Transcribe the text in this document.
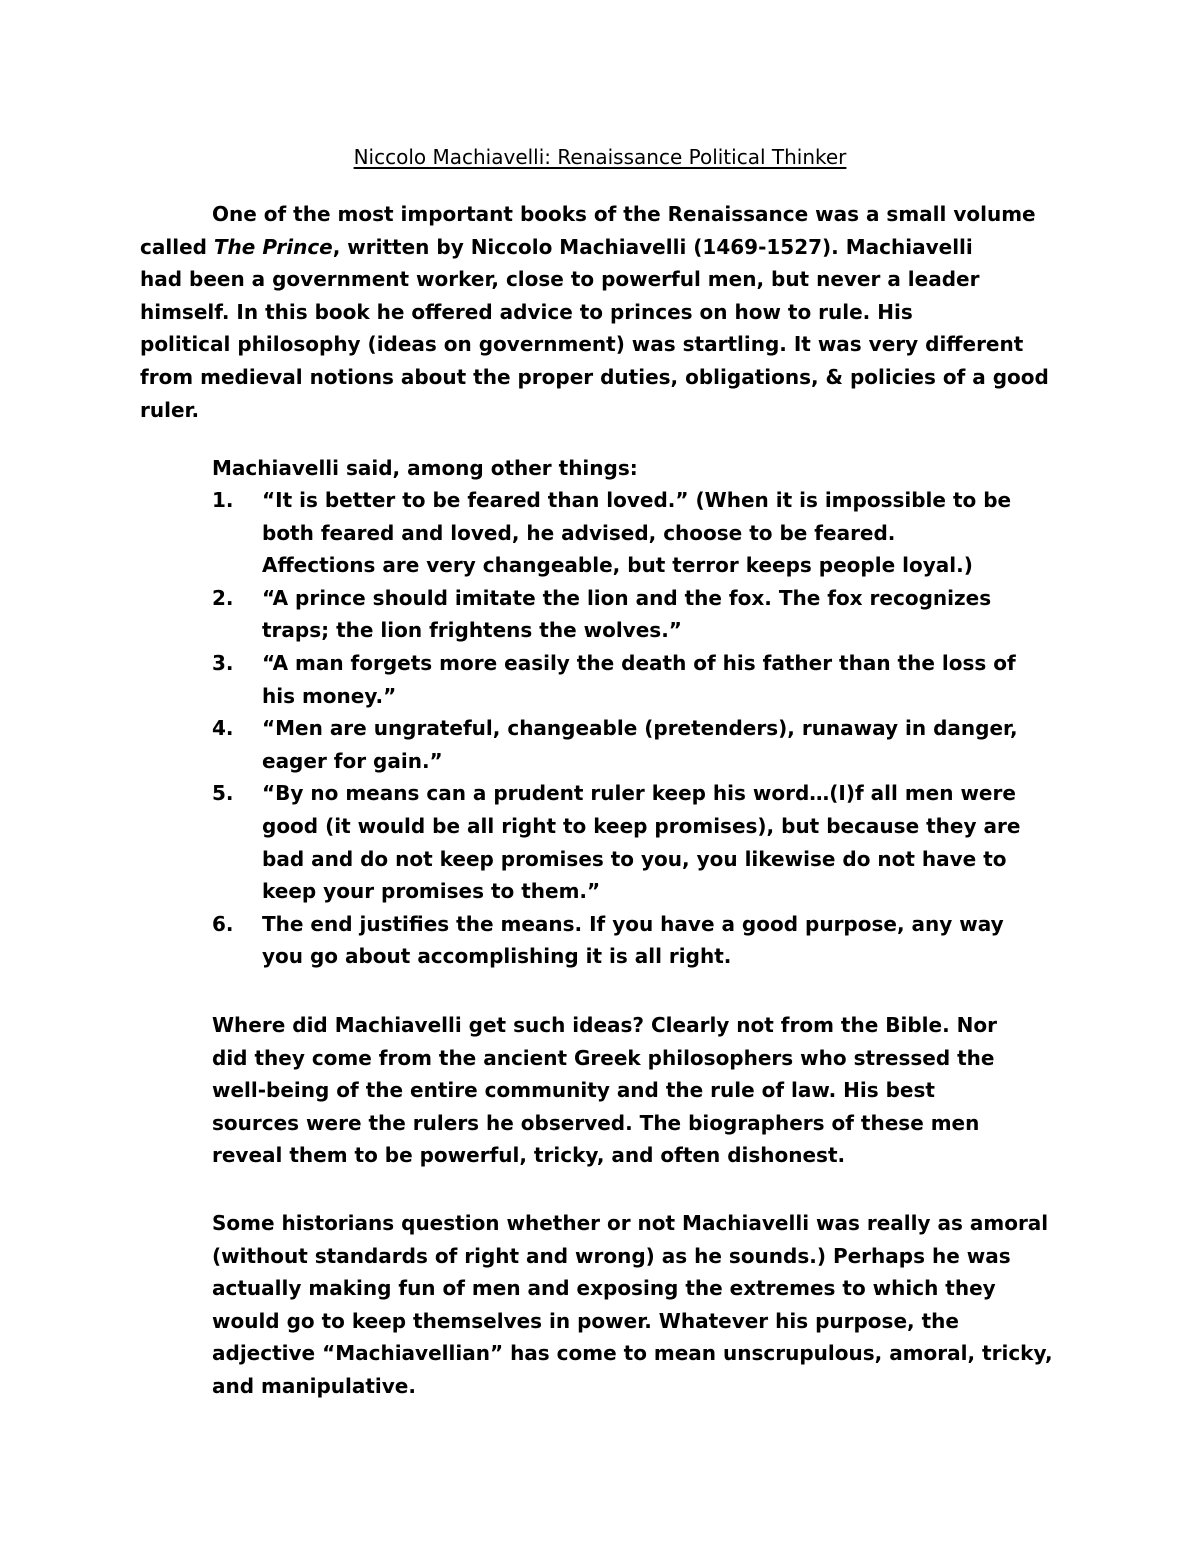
Niccolo Machiavelli: Renaissance Political Thinker
One of the most important books of the Renaissance was a small volume
called The Prince, written by Niccolo Machiavelli (1469-1527). Machiavelli
had been a government worker, close to powerful men, but never a leader
himself. In this book he offered advice to princes on how to rule. His
political philosophy (ideas on government) was startling. It was very different
from medieval notions about the proper duties, obligations, & policies of a good
ruler.
Machiavelli said, among other things:
1. “It is better to be feared than loved.” (When it is impossible to be
both feared and loved, he advised, choose to be feared.
Affections are very changeable, but terror keeps people loyal.)
2. “A prince should imitate the lion and the fox. The fox recognizes
traps; the lion frightens the wolves.”
3. “A man forgets more easily the death of his father than the loss of
his money.”
4. “Men are ungrateful, changeable (pretenders), runaway in danger,
eager for gain.”
5. “By no means can a prudent ruler keep his word…(I)f all men were
good (it would be all right to keep promises), but because they are
bad and do not keep promises to you, you likewise do not have to
keep your promises to them.”
6. The end justifies the means. If you have a good purpose, any way
you go about accomplishing it is all right.
Where did Machiavelli get such ideas? Clearly not from the Bible. Nor
did they come from the ancient Greek philosophers who stressed the
well-being of the entire community and the rule of law. His best
sources were the rulers he observed. The biographers of these men
reveal them to be powerful, tricky, and often dishonest.
Some historians question whether or not Machiavelli was really as amoral
(without standards of right and wrong) as he sounds.) Perhaps he was
actually making fun of men and exposing the extremes to which they
would go to keep themselves in power. Whatever his purpose, the
adjective “Machiavellian” has come to mean unscrupulous, amoral, tricky,
and manipulative.
